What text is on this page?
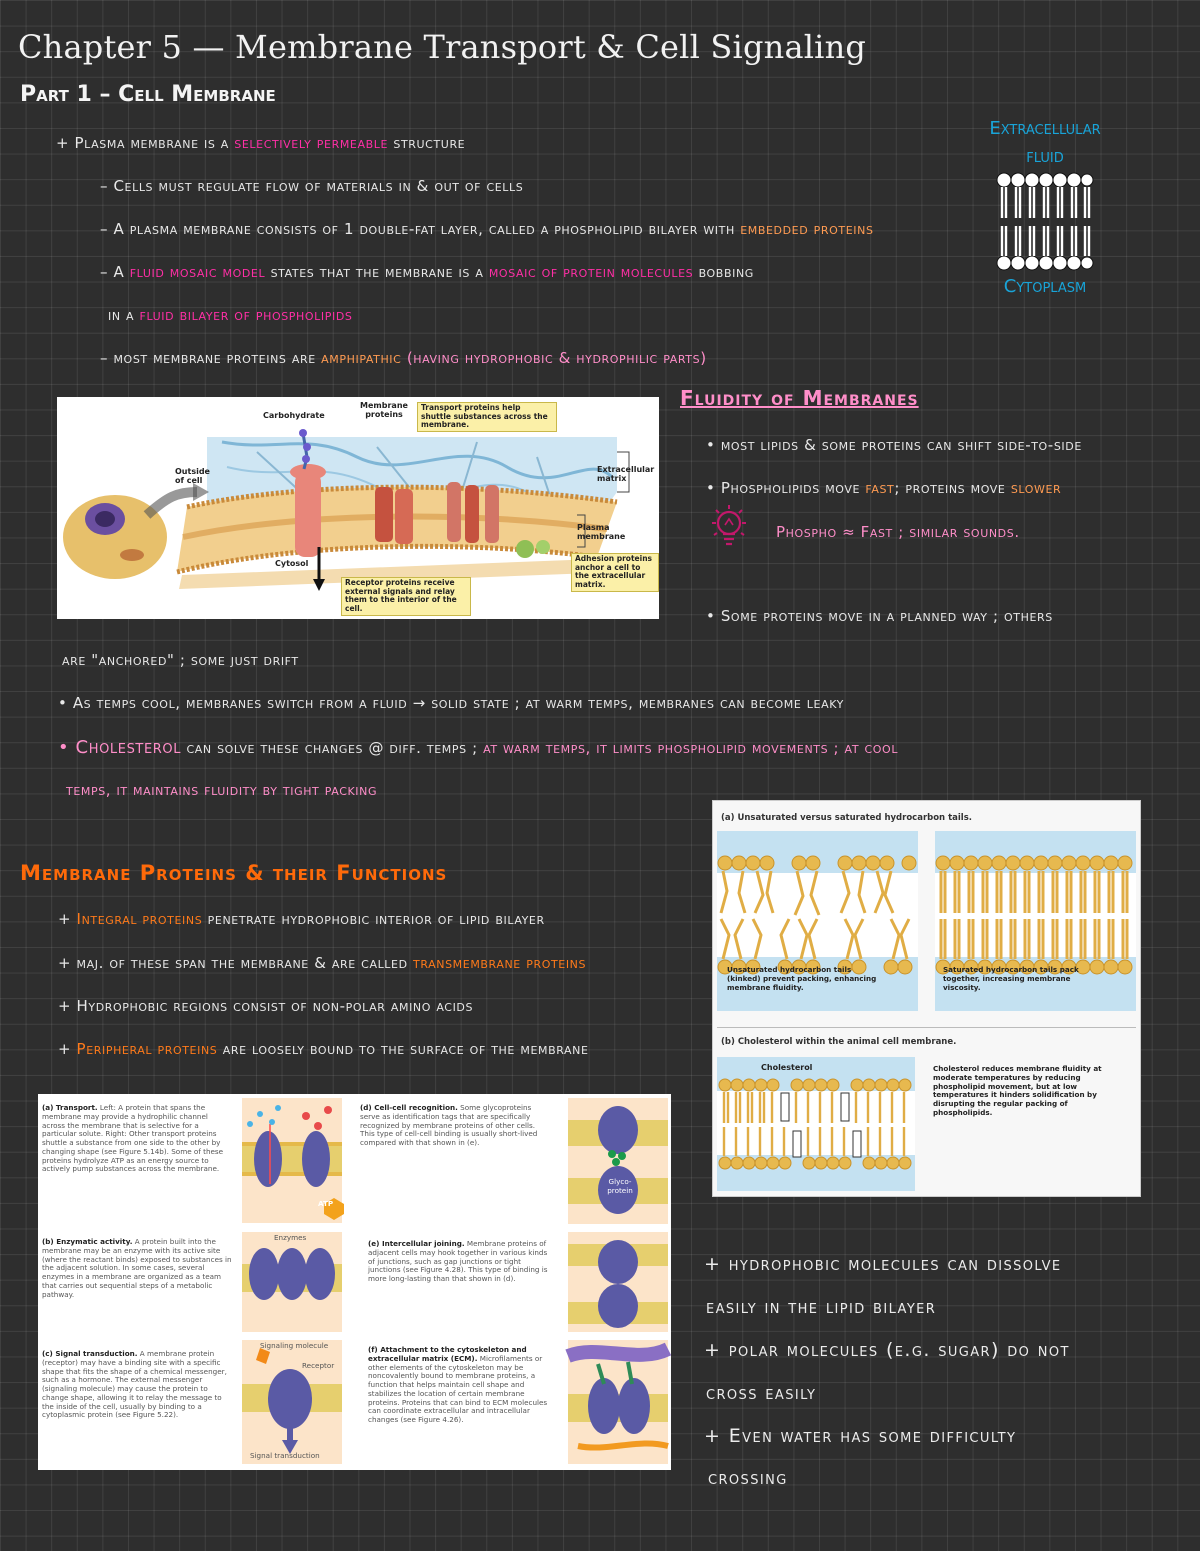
Chapter 5 — Membrane Transport & Cell Signaling
Part 1 – Cell Membrane
+ Plasma membrane is a selectively permeable structure
– Cells must regulate flow of materials in & out of cells
– A plasma membrane consists of 1 double-fat layer, called a phospholipid bilayer with embedded proteins
– A fluid mosaic model states that the membrane is a mosaic of protein molecules bobbing
in a fluid bilayer of phospholipids
– most membrane proteins are amphipathic (having hydrophobic & hydrophilic parts)
Extracellular
fluid
Cytoplasm
Carbohydrate
Membrane proteins
Transport proteins help shuttle substances across the membrane.
Outside of cell
Extracellular matrix
Plasma membrane
Adhesion proteins anchor a cell to the extracellular matrix.
Cytosol
Receptor proteins receive external signals and relay them to the interior of the cell.
Fluidity of Membranes
• most lipids & some proteins can shift side-to-side
• Phospholipids move fast; proteins move slower
Phospho ≈ Fast ; similar sounds.
• Some proteins move in a planned way ; others
are "anchored" ; some just drift
• As temps cool, membranes switch from a fluid → solid state ; at warm temps, membranes can become leaky
• Cholesterol can solve these changes @ diff. temps ; at warm temps, it limits phospholipid movements ; at cool
temps, it maintains fluidity by tight packing
(a) Unsaturated versus saturated hydrocarbon tails.
Unsaturated hydrocarbon tails (kinked) prevent packing, enhancing membrane fluidity.
Saturated hydrocarbon tails pack together, increasing membrane viscosity.
(b) Cholesterol within the animal cell membrane.
Cholesterol	Cholesterol reduces membrane fluidity at moderate temperatures by reducing phospholipid movement, but at low temperatures it hinders solidification by disrupting the regular packing of phospholipids.
Membrane Proteins & their Functions
+ Integral proteins penetrate hydrophobic interior of lipid bilayer
+ maj. of these span the membrane & are called transmembrane proteins
+ Hydrophobic regions consist of non-polar amino acids
+ Peripheral proteins are loosely bound to the surface of the membrane
(a) Transport. Left: A protein that spans the membrane may provide a hydrophilic channel across the membrane that is selective for a particular solute. Right: Other transport proteins shuttle a substance from one side to the other by changing shape (see Figure 5.14b). Some of these proteins hydrolyze ATP as an energy source to actively pump substances across the membrane.
(b) Enzymatic activity. A protein built into the membrane may be an enzyme with its active site (where the reactant binds) exposed to substances in the adjacent solution. In some cases, several enzymes in a membrane are organized as a team that carries out sequential steps of a metabolic pathway.
(c) Signal transduction. A membrane protein (receptor) may have a binding site with a specific shape that fits the shape of a chemical messenger, such as a hormone. The external messenger (signaling molecule) may cause the protein to change shape, allowing it to relay the message to the inside of the cell, usually by binding to a cytoplasmic protein (see Figure 5.22).
(d) Cell-cell recognition. Some glycoproteins serve as identification tags that are specifically recognized by membrane proteins of other cells. This type of cell-cell binding is usually short-lived compared with that shown in (e).
(e) Intercellular joining. Membrane proteins of adjacent cells may hook together in various kinds of junctions, such as gap junctions or tight junctions (see Figure 4.28). This type of binding is more long-lasting than that shown in (d).
(f) Attachment to the cytoskeleton and extracellular matrix (ECM). Microfilaments or other elements of the cytoskeleton may be noncovalently bound to membrane proteins, a function that helps maintain cell shape and stabilizes the location of certain membrane proteins. Proteins that can bind to ECM molecules can coordinate extracellular and intracellular changes (see Figure 4.26).
ATP
Enzymes
Signaling molecule
Receptor
Signal transduction
Glyco-protein
+ hydrophobic molecules can dissolve
easily in the lipid bilayer
+ polar molecules (e.g. sugar) do not
cross easily
+ Even water has some difficulty
crossing
